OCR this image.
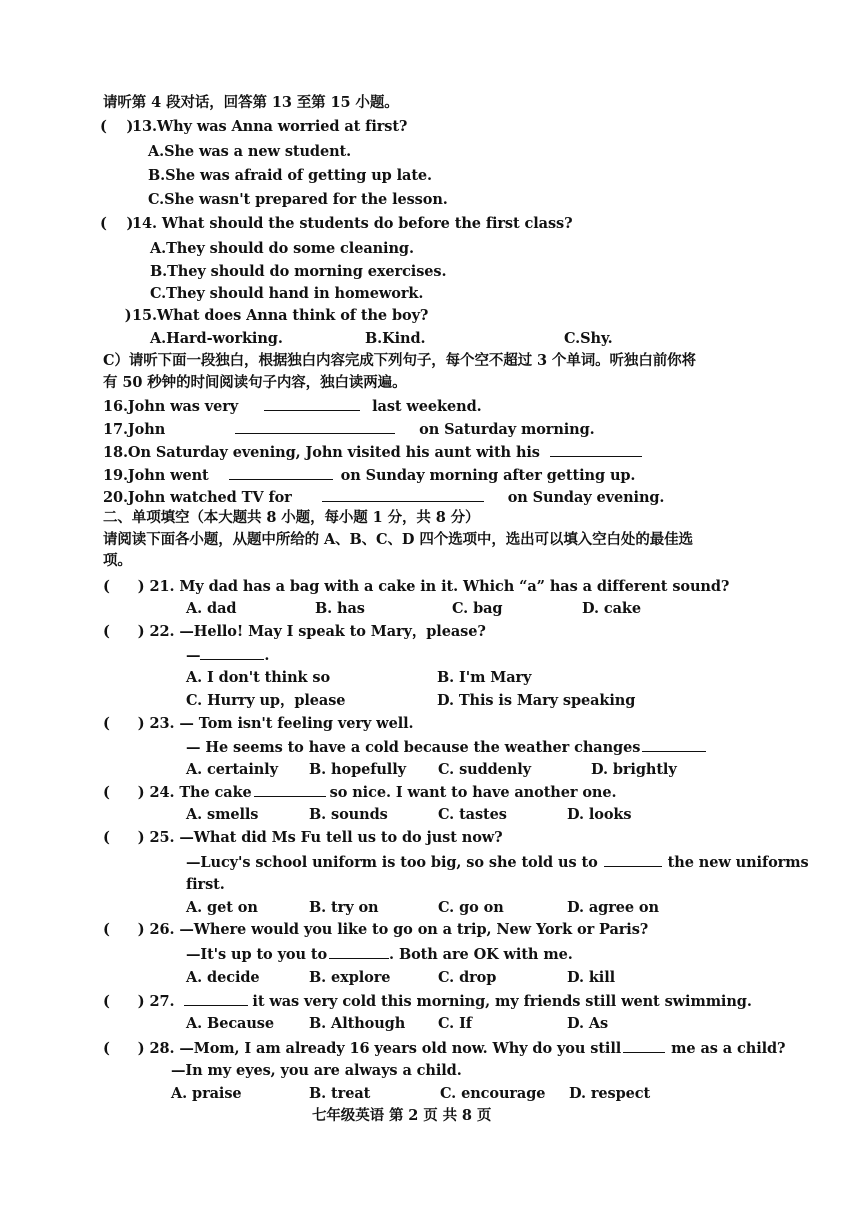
请听第 4 段对话，回答第 13 至第 15 小题。
(    )13.Why was Anna worried at first?
A.She was a new student.
B.She was afraid of getting up late.
C.She wasn't prepared for the lesson.
(    )14. What should the students do before the first class?
A.They should do some cleaning.
B.They should do morning exercises.
C.They should hand in homework.
)15.What does Anna think of the boy?
A.Hard-working.	B.Kind.	C.Shy.
C）请听下面一段独白，根据独白内容完成下列句子，每个空不超过 3 个单词。听独白前你将
有 50 秒钟的时间阅读句子内容，独白读两遍。
16.John was very	last weekend.
17.John	on Saturday morning.
18.On Saturday evening, John visited his aunt with his
19.John went	on Sunday morning after getting up.
20.John watched TV for	on Sunday evening.
二、单项填空（本大题共 8 小题，每小题 1 分，共 8 分）
请阅读下面各小题，从题中所给的 A、B、C、D 四个选项中，选出可以填入空白处的最佳选
项。
( ) 21. My dad has a bag with a cake in it. Which “a” has a different sound?
A. dad	B. has	C. bag	D. cake
( ) 22. —Hello! May I speak to Mary，please?
—	.
A. I don't think so	B. I'm Mary
C. Hurry up，please	D. This is Mary speaking
( ) 23. — Tom isn't feeling very well.
— He seems to have a cold because the weather changes
A. certainly B. hopefully C. suddenly	D. brightly
( ) 24. The cake	so nice. I want to have another one.
A. smells	B. sounds	C. tastes	D. looks
( ) 25. —What did Ms Fu tell us to do just now?
—Lucy's school uniform is too big, so she told us to	the new uniforms
first.
A. get on	B. try on	C. go on	D. agree on
( ) 26. —Where would you like to go on a trip, New York or Paris?
—It's up to you to	. Both are OK with me.
A. decide	B. explore	C. drop	D. kill
( ) 27.	it was very cold this morning, my friends still went swimming.
A. Because B. Although C. If	D. As
( ) 28. —Mom, I am already 16 years old now. Why do you still	me as a child?
—In my eyes, you are always a child.
A. praise	B. treat	C. encourage D. respect
七年级英语 第 2 页 共 8 页
